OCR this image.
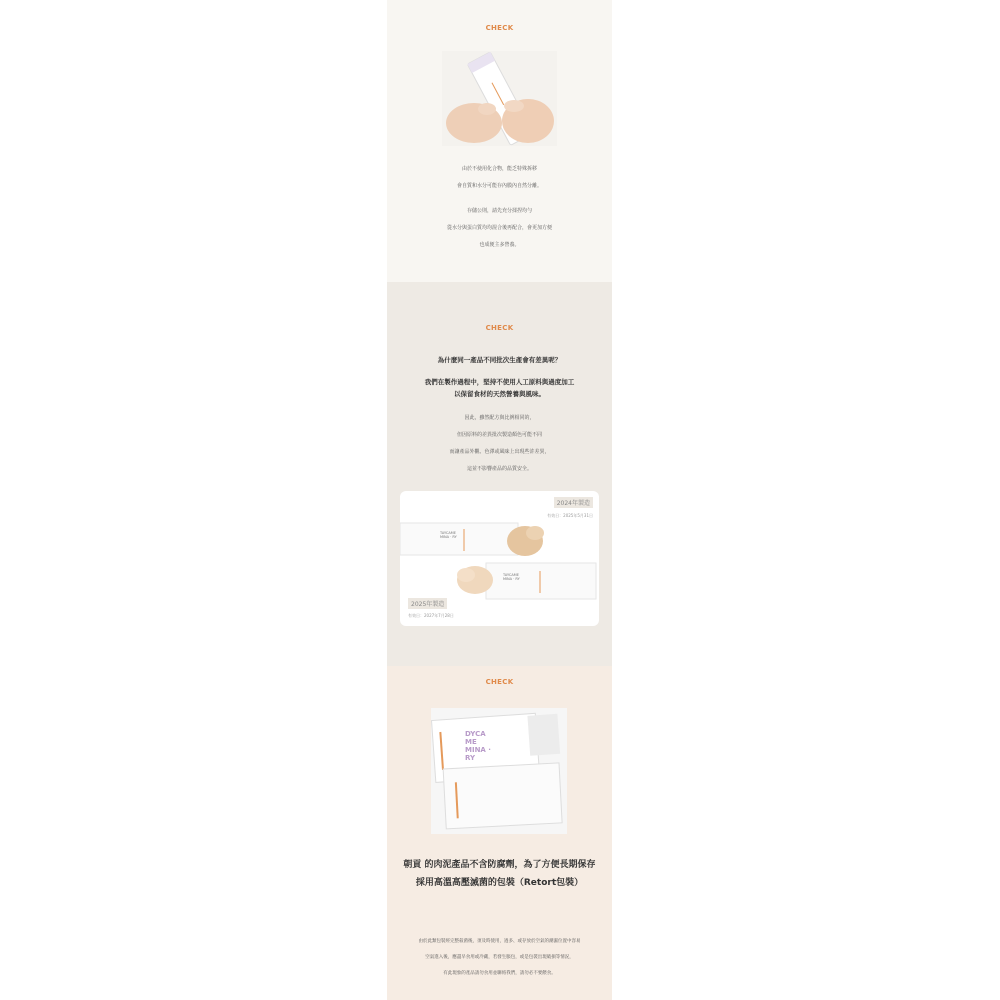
CHECK
由於不使用化合物，能乏特殊拆移
會自質和水分可能存內膜內自然分離。
存儲公則，請先充分揉捏均勻
從水分與蛋白質均均混合後再配合，會更加方便
也成便主多營養。
CHECK
為什麼同一產品不同批次生產會有差異呢？
我們在製作過程中，堅持不使用人工原料與過度加工
以保留食材的天然營養與風味。
因此，雖然配方與比例相同的，
但因原料的差異批次製造顏色可能不同
而讓產品外觀、色澤或風味上出現些許差異，
這並不影響產品的品質安全。
TAYCAME MINA · RY
TAYCAME MINA · RY
2024年製造
有效日：2025年5月31日
2025年製造
有效日：2027年7月28日
CHECK
DYCA ME MINA · RY
朝貢 的肉泥產品不含防腐劑，為了方便長期保存
採用高溫高壓滅菌的包裝（Retort包裝）
由於此類包裝經完整殺菌後，須及時使用，過多、或存放於空氣的潮濕位置中容易
空氣進入後，應盡早食用或冷藏，若發生脹包，或是包裝出現破損等情況，
有此現象的產品請勿食用並聯絡我們，請勿必不要餵食。
